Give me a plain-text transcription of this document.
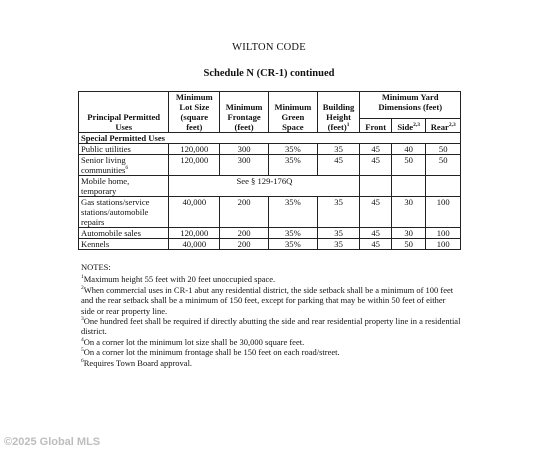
WILTON CODE
Schedule N (CR-1) continued
Principal Permitted Uses	Minimum Lot Size (square feet)	Minimum Frontage (feet)	Minimum Green Space	Building Height (feet)$^1$	Minimum Yard Dimensions (feet)		
					Front	Side$^{2,3}$	Rear$^{2,3}$
Special Permitted Uses							
Public utilities	120,000	300	35%	35	45	40	50
Senior living communities$^6$	120,000	300	35%	45	45	50	50
Mobile home, temporary	See § 129-176Q						
Gas stations/service stations/automobile repairs	40,000	200	35%	35	45	30	100
Automobile sales	120,000	200	35%	35	45	30	100
Kennels	40,000	200	35%	35	45	50	100

NOTES:

$^1$Maximum height 55 feet with 20 feet unoccupied space.

$^2$When commercial uses in CR-1 abut any residential district, the side setback shall be a minimum of 100 feet and the rear setback shall be a minimum of 150 feet, except for parking that may be within 50 feet of either side or rear property line.

$^3$One hundred feet shall be required if directly abutting the side and rear residential property line in a residential district.

$^4$On a corner lot the minimum lot size shall be 30,000 square feet.

$^5$On a corner lot the minimum frontage shall be 150 feet on each road/street.

$^6$Requires Town Board approval.

©2025 Global MLS
